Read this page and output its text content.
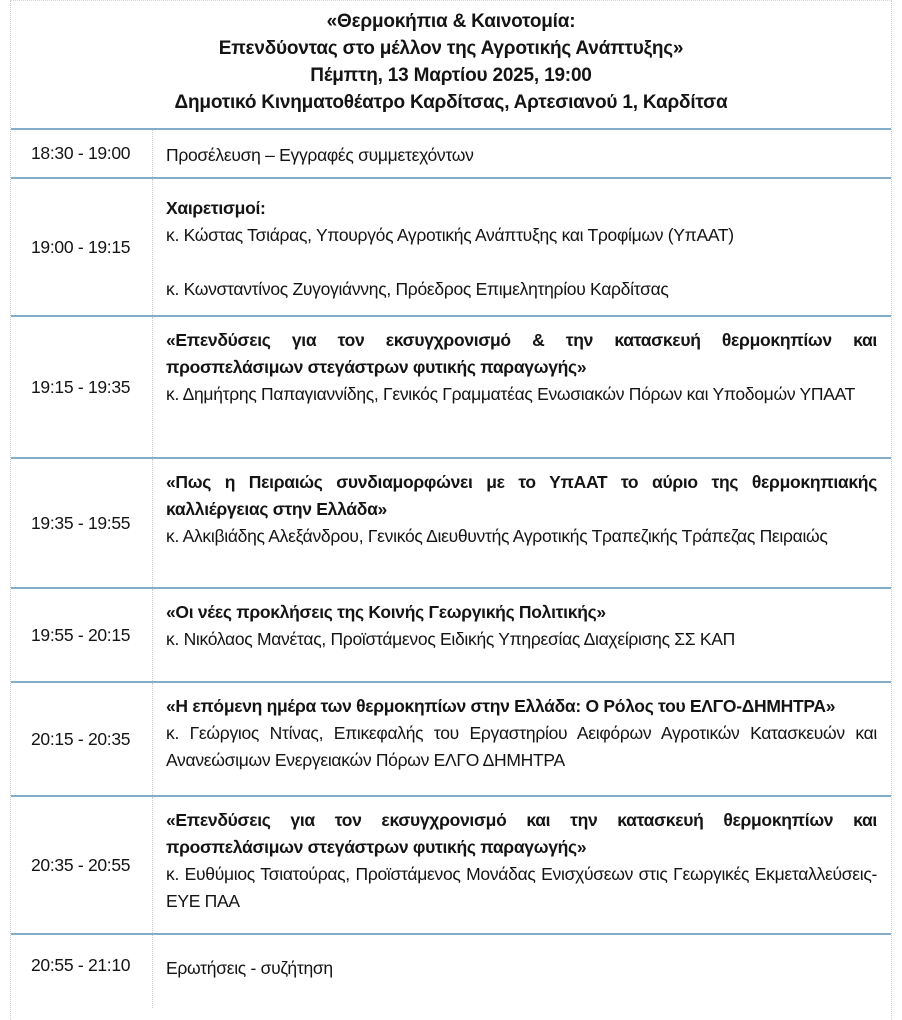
«Θερμοκήπια & Καινοτομία:
Επενδύοντας στο μέλλον της Αγροτικής Ανάπτυξης»
Πέμπτη, 13 Μαρτίου 2025, 19:00
Δημοτικό Κινηματοθέατρο Καρδίτσας, Αρτεσιανού 1, Καρδίτσα
18:30 - 19:00	Προσέλευση – Εγγραφές συμμετεχόντων

19:00 - 19:15

Χαιρετισμοί:

κ. Κώστας Τσιάρας, Υπουργός Αγροτικής Ανάπτυξης και Τροφίμων (ΥπΑΑΤ)

κ. Κωνσταντίνος Ζυγογιάννης, Πρόεδρος Επιμελητηρίου Καρδίτσας

19:15 - 19:35

«Επενδύσεις για τον εκσυγχρονισμό & την κατασκευή θερμοκηπίων και προσπελάσιμων στεγάστρων φυτικής παραγωγής»

κ. Δημήτρης Παπαγιαννίδης, Γενικός Γραμματέας Ενωσιακών Πόρων και Υποδομών ΥΠΑΑΤ

19:35 - 19:55

«Πως η Πειραιώς συνδιαμορφώνει με το ΥπΑΑΤ το αύριο της θερμοκηπιακής καλλιέργειας στην Ελλάδα»

κ. Αλκιβιάδης Αλεξάνδρου, Γενικός Διευθυντής Αγροτικής Τραπεζικής Τράπεζας Πειραιώς

19:55 - 20:15

«Οι νέες προκλήσεις της Κοινής Γεωργικής Πολιτικής»

κ. Νικόλαος Μανέτας, Προϊστάμενος Ειδικής Υπηρεσίας Διαχείρισης ΣΣ ΚΑΠ

20:15 - 20:35

«Η επόμενη ημέρα των θερμοκηπίων στην Ελλάδα: Ο Ρόλος του ΕΛΓΟ-ΔΗΜΗΤΡΑ»

κ. Γεώργιος Ντίνας, Επικεφαλής του Εργαστηρίου Αειφόρων Αγροτικών Κατασκευών και Ανανεώσιμων Ενεργειακών Πόρων ΕΛΓΟ ΔΗΜΗΤΡΑ

20:35 - 20:55

«Επενδύσεις για τον εκσυγχρονισμό και την κατασκευή θερμοκηπίων και προσπελάσιμων στεγάστρων φυτικής παραγωγής»

κ. Ευθύμιος Τσιατούρας, Προϊστάμενος Μονάδας Ενισχύσεων στις Γεωργικές Εκμεταλλεύσεις- ΕΥΕ ΠΑΑ

20:55 - 21:10	Ερωτήσεις - συζήτηση
